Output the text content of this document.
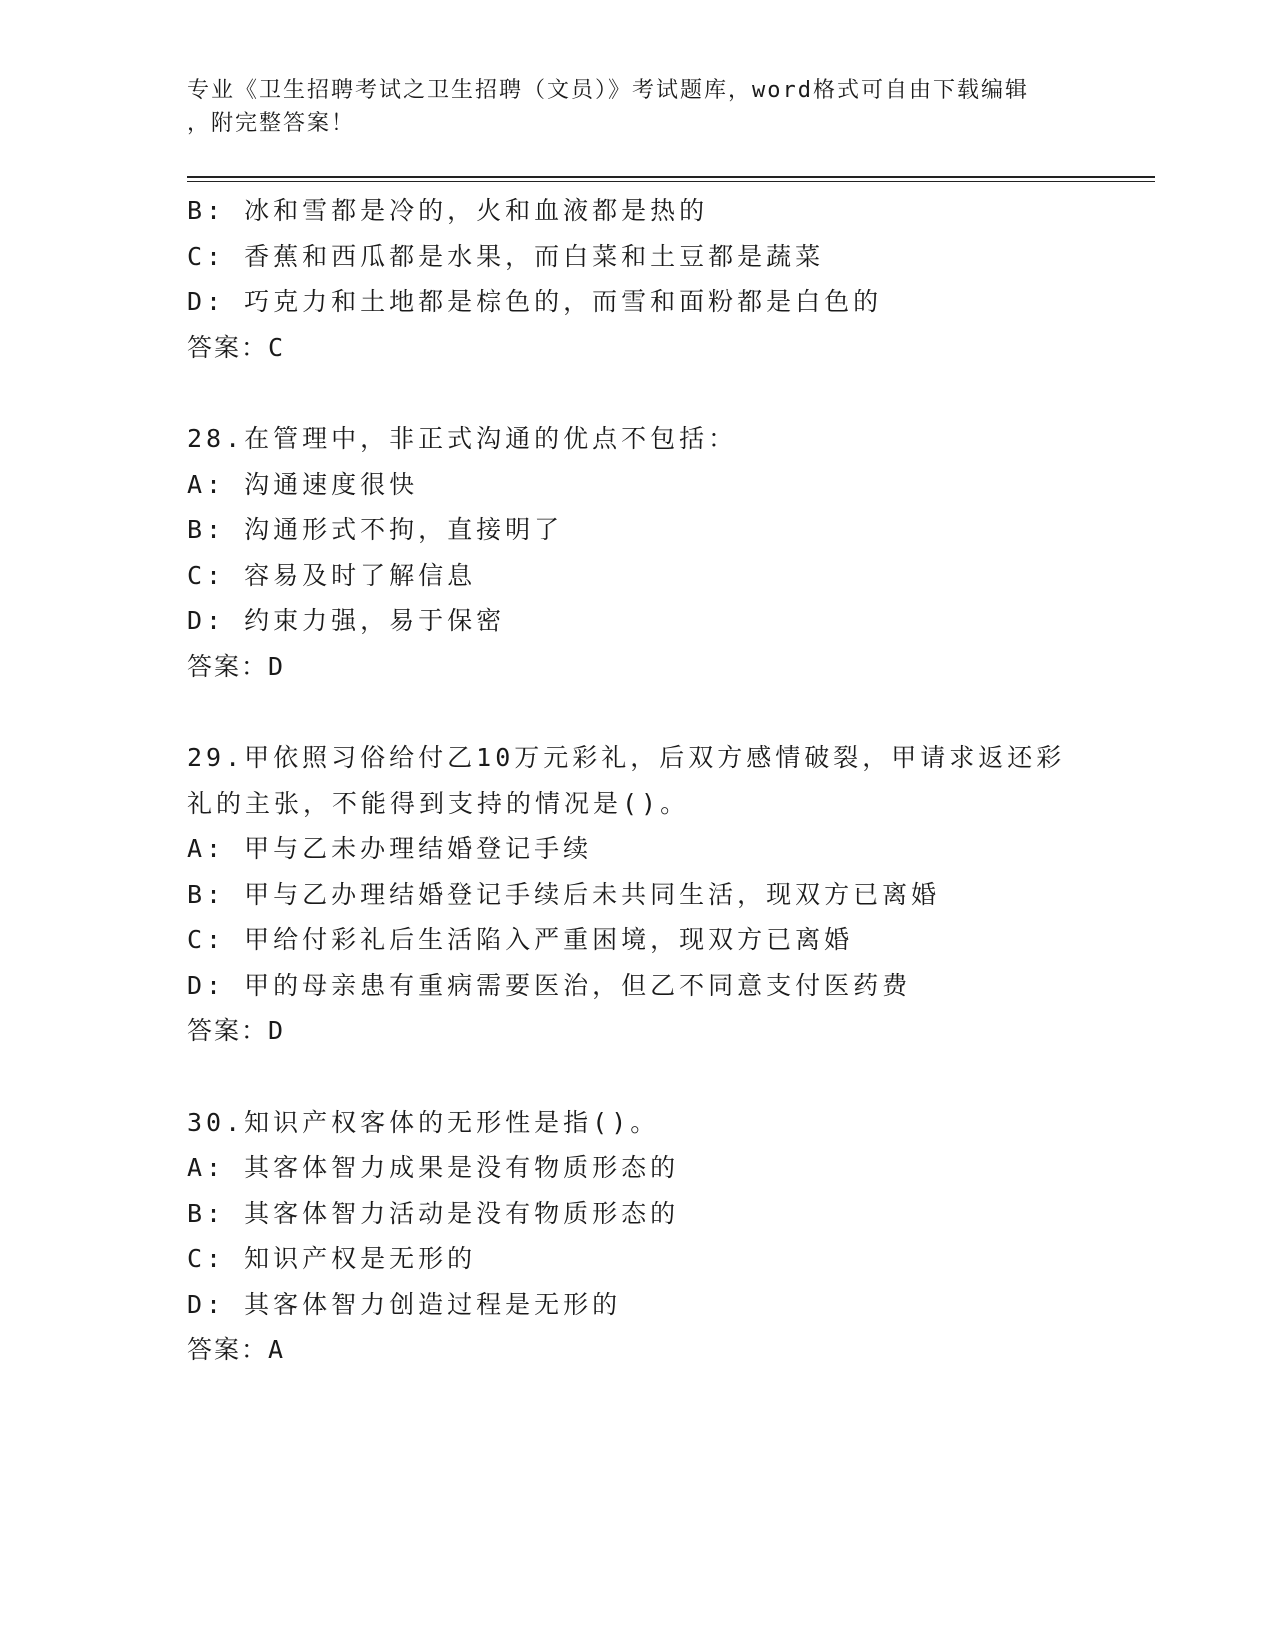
专业《卫生招聘考试之卫生招聘（文员）》考试题库，word格式可自由下载编辑
，附完整答案！
B: 冰和雪都是冷的，火和血液都是热的
C: 香蕉和西瓜都是水果，而白菜和土豆都是蔬菜
D: 巧克力和土地都是棕色的，而雪和面粉都是白色的
答案：C
28.在管理中，非正式沟通的优点不包括：
A: 沟通速度很快
B: 沟通形式不拘，直接明了
C: 容易及时了解信息
D: 约束力强，易于保密
答案：D
29.甲依照习俗给付乙10万元彩礼，后双方感情破裂，甲请求返还彩
礼的主张，不能得到支持的情况是()。
A: 甲与乙未办理结婚登记手续
B: 甲与乙办理结婚登记手续后未共同生活，现双方已离婚
C: 甲给付彩礼后生活陷入严重困境，现双方已离婚
D: 甲的母亲患有重病需要医治，但乙不同意支付医药费
答案：D
30.知识产权客体的无形性是指()。
A: 其客体智力成果是没有物质形态的
B: 其客体智力活动是没有物质形态的
C: 知识产权是无形的
D: 其客体智力创造过程是无形的
答案：A
